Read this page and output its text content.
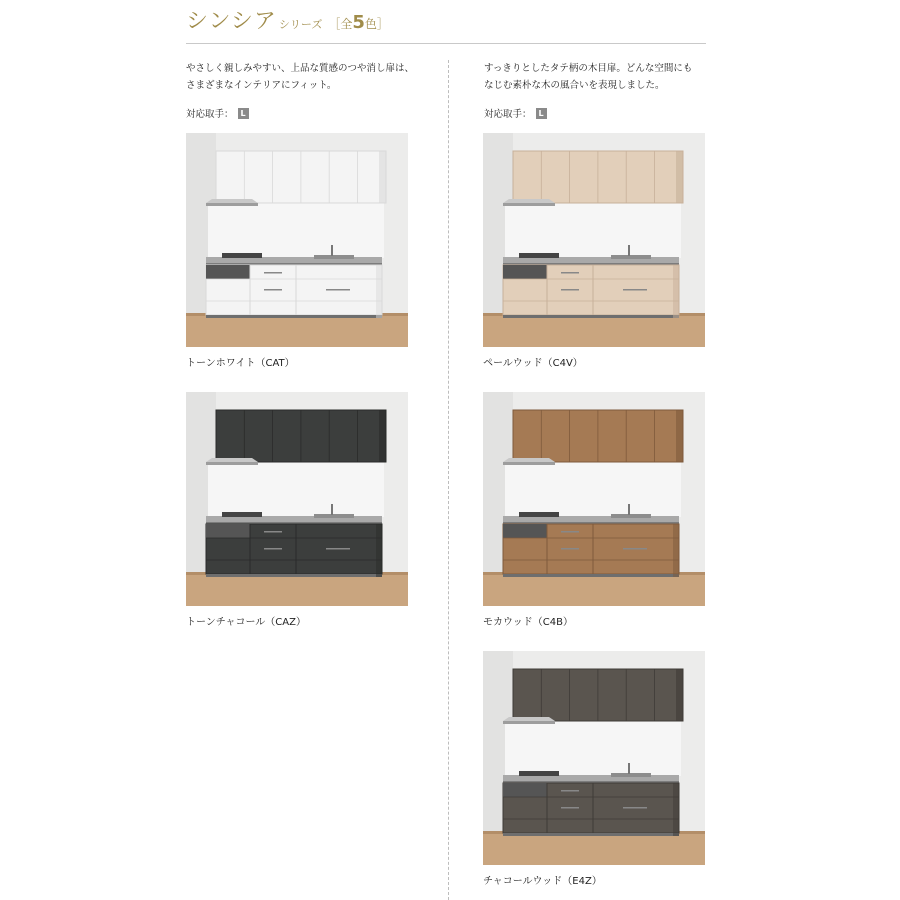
シンシア シリーズ ［全5色］
やさしく親しみやすい、上品な質感のつや消し扉は、
さまざまなインテリアにフィット。
対応取手： L
すっきりとしたタテ柄の木目扉。どんな空間にも
なじむ素朴な木の風合いを表現しました。
対応取手： L
トーンホワイト（CAT）
トーンチャコール（CAZ）
ペールウッド（C4V）
モカウッド（C4B）
チャコールウッド（E4Z）
